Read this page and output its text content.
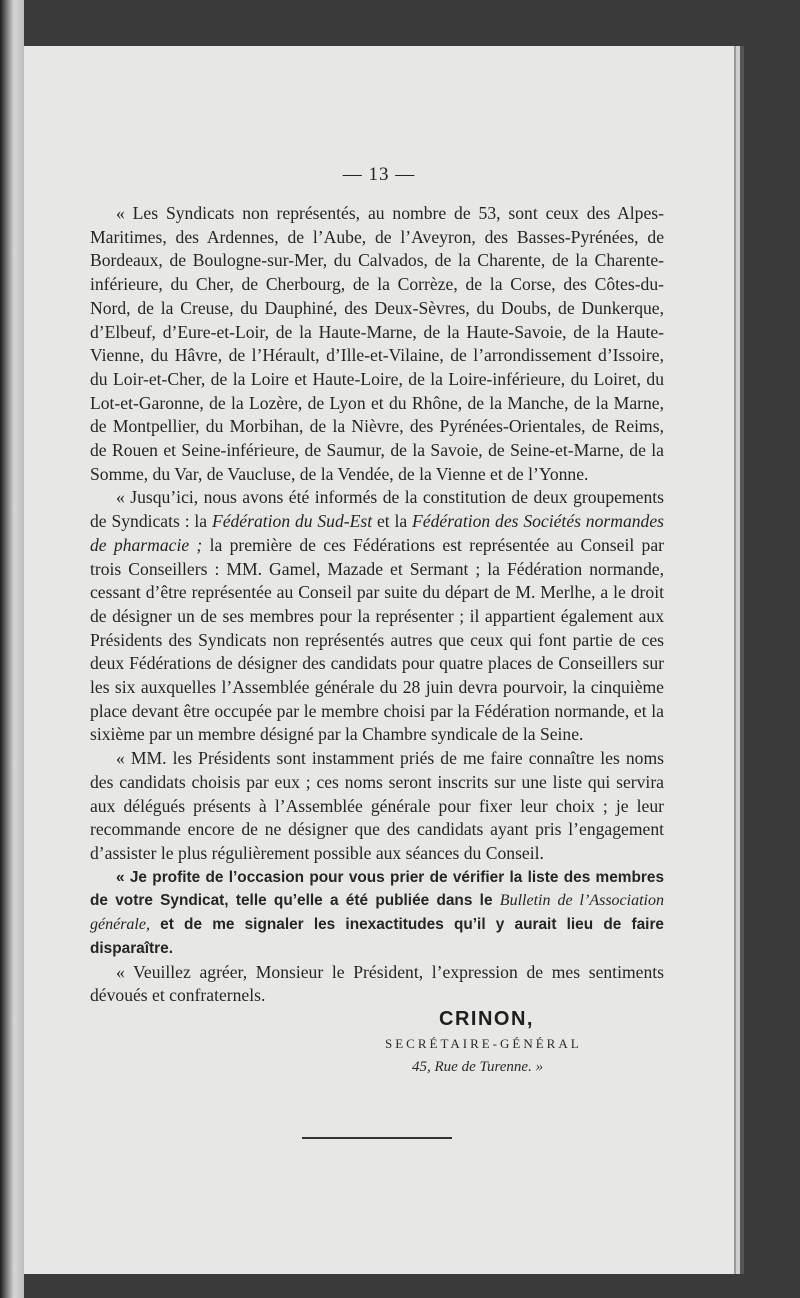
— 13 —

« Les Syndicats non représentés, au nombre de 53, sont ceux des Alpes-Maritimes, des Ardennes, de l’Aube, de l’Aveyron, des Basses-Pyrénées, de Bordeaux, de Boulogne-sur-Mer, du Calvados, de la Charente, de la Charente-inférieure, du Cher, de Cherbourg, de la Corrèze, de la Corse, des Côtes-du-Nord, de la Creuse, du Dauphiné, des Deux-Sèvres, du Doubs, de Dunkerque, d’Elbeuf, d’Eure-et-Loir, de la Haute-Marne, de la Haute-Savoie, de la Haute-Vienne, du Hâvre, de l’Hérault, d’Ille-et-Vilaine, de l’arrondissement d’Issoire, du Loir-et-Cher, de la Loire et Haute-Loire, de la Loire-inférieure, du Loiret, du Lot-et-Garonne, de la Lozère, de Lyon et du Rhône, de la Manche, de la Marne, de Montpellier, du Morbihan, de la Nièvre, des Pyrénées-Orientales, de Reims, de Rouen et Seine-inférieure, de Saumur, de la Savoie, de Seine-et-Marne, de la Somme, du Var, de Vaucluse, de la Vendée, de la Vienne et de l’Yonne.

« Jusqu’ici, nous avons été informés de la constitution de deux groupements de Syndicats : la Fédération du Sud-Est et la Fédération des Sociétés normandes de pharmacie ; la première de ces Fédérations est représentée au Conseil par trois Conseillers : MM. Gamel, Mazade et Sermant ; la Fédération normande, cessant d’être représentée au Conseil par suite du départ de M. Merlhe, a le droit de désigner un de ses membres pour la représenter ; il appartient également aux Présidents des Syndicats non représentés autres que ceux qui font partie de ces deux Fédérations de désigner des candidats pour quatre places de Conseillers sur les six auxquelles l’Assemblée générale du 28 juin devra pourvoir, la cinquième place devant être occupée par le membre choisi par la Fédération normande, et la sixième par un membre désigné par la Chambre syndicale de la Seine.

« MM. les Présidents sont instamment priés de me faire connaître les noms des candidats choisis par eux ; ces noms seront inscrits sur une liste qui servira aux délégués présents à l’Assemblée générale pour fixer leur choix ; je leur recommande encore de ne désigner que des candidats ayant pris l’engagement d’assister le plus régulièrement possible aux séances du Conseil.

« Je profite de l’occasion pour vous prier de vérifier la liste des membres de votre Syndicat, telle qu’elle a été publiée dans le Bulletin de l’Association générale, et de me signaler les inexactitudes qu’il y aurait lieu de faire disparaître.

« Veuillez agréer, Monsieur le Président, l’expression de mes sentiments dévoués et confraternels.

CRINON,
SECRÉTAIRE-GÉNÉRAL
45, Rue de Turenne. »
